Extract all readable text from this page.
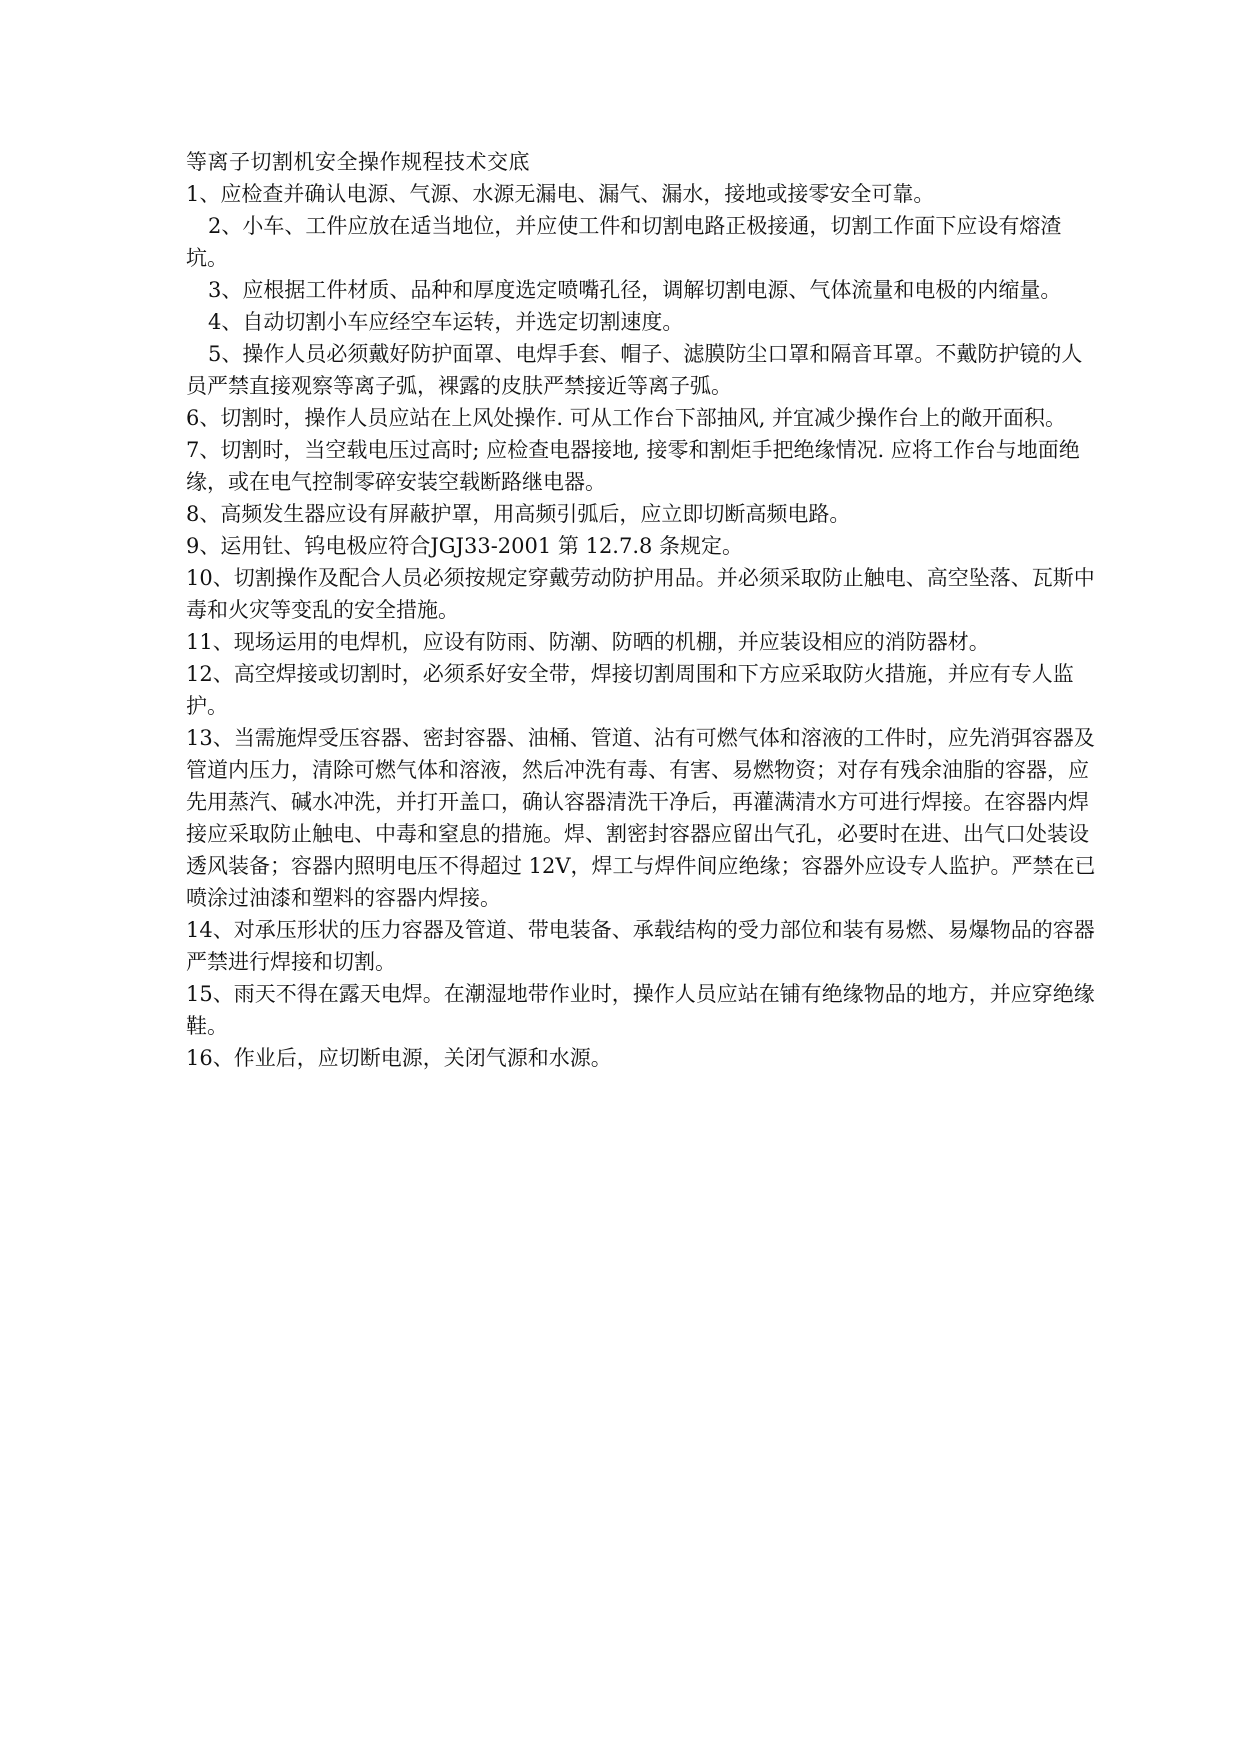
等离子切割机安全操作规程技术交底

1、应检查并确认电源、气源、水源无漏电、漏气、漏水，接地或接零安全可靠。

2、小车、工件应放在适当地位，并应使工件和切割电路正极接通，切割工作面下应设有熔渣坑。

3、应根据工件材质、品种和厚度选定喷嘴孔径，调解切割电源、气体流量和电极的内缩量。

4、自动切割小车应经空车运转，并选定切割速度。

5、操作人员必须戴好防护面罩、电焊手套、帽子、滤膜防尘口罩和隔音耳罩。不戴防护镜的人员严禁直接观察等离子弧，裸露的皮肤严禁接近等离子弧。

6、切割时，操作人员应站在上风处操作. 可从工作台下部抽风, 并宜减少操作台上的敞开面积。

7、切割时，当空载电压过高时; 应检查电器接地, 接零和割炬手把绝缘情况. 应将工作台与地面绝缘，或在电气控制零碎安装空载断路继电器。

8、高频发生器应设有屏蔽护罩，用高频引弧后，应立即切断高频电路。

9、运用钍、钨电极应符合JGJ33-2001 第 12.7.8 条规定。

10、切割操作及配合人员必须按规定穿戴劳动防护用品。并必须采取防止触电、高空坠落、瓦斯中毒和火灾等变乱的安全措施。

11、现场运用的电焊机，应设有防雨、防潮、防晒的机棚，并应装设相应的消防器材。

12、高空焊接或切割时，必须系好安全带，焊接切割周围和下方应采取防火措施，并应有专人监护。

13、当需施焊受压容器、密封容器、油桶、管道、沾有可燃气体和溶液的工件时，应先消弭容器及管道内压力，清除可燃气体和溶液，然后冲洗有毒、有害、易燃物资；对存有残余油脂的容器，应先用蒸汽、碱水冲洗，并打开盖口，确认容器清洗干净后，再灌满清水方可进行焊接。在容器内焊接应采取防止触电、中毒和窒息的措施。焊、割密封容器应留出气孔，必要时在进、出气口处装设透风装备；容器内照明电压不得超过 12V，焊工与焊件间应绝缘；容器外应设专人监护。严禁在已喷涂过油漆和塑料的容器内焊接。

14、对承压形状的压力容器及管道、带电装备、承载结构的受力部位和装有易燃、易爆物品的容器严禁进行焊接和切割。

15、雨天不得在露天电焊。在潮湿地带作业时，操作人员应站在铺有绝缘物品的地方，并应穿绝缘鞋。

16、作业后，应切断电源，关闭气源和水源。
